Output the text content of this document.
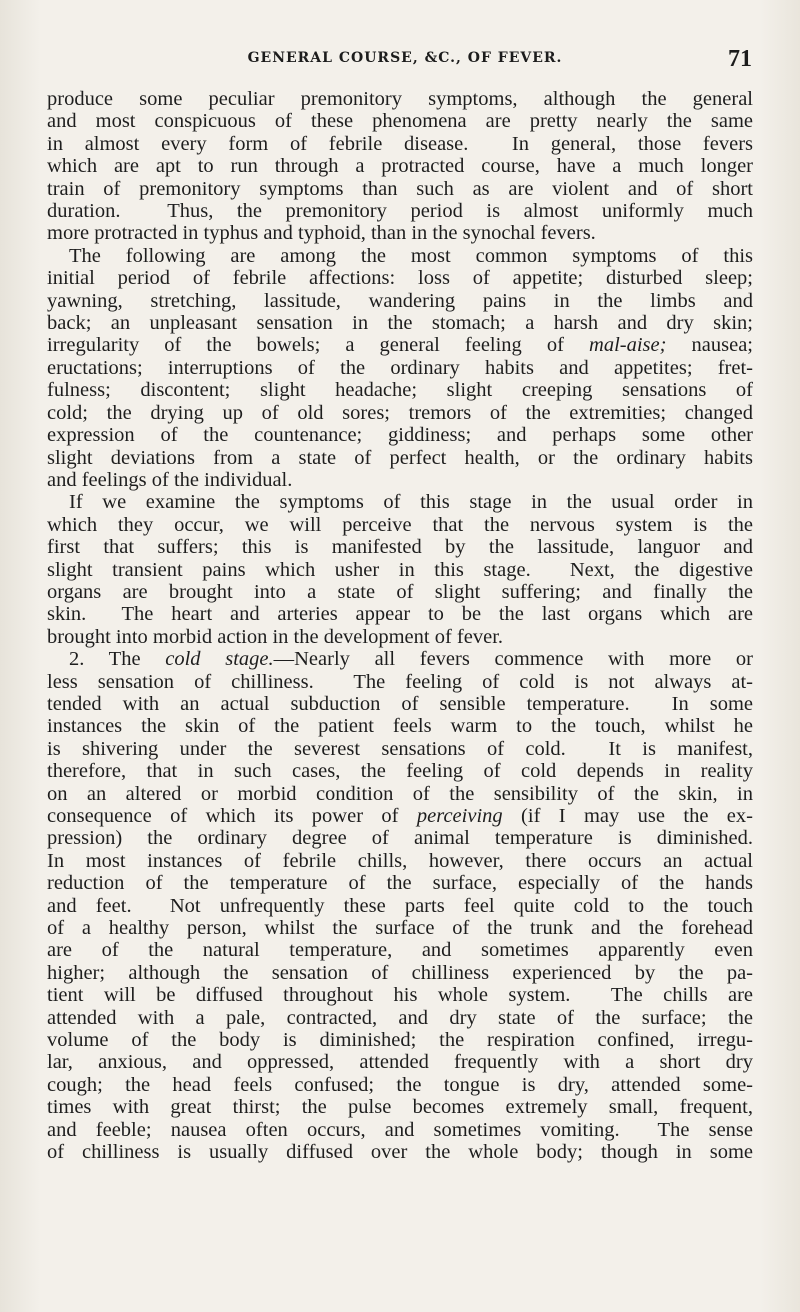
GENERAL COURSE, &C., OF FEVER.	71
produce some peculiar premonitory symptoms, although the general
and most conspicuous of these phenomena are pretty nearly the same
in almost every form of febrile disease.  In general, those fevers
which are apt to run through a protracted course, have a much longer
train of premonitory symptoms than such as are violent and of short
duration.  Thus, the premonitory period is almost uniformly much
more protracted in typhus and typhoid, than in the synochal fevers.
The following are among the most common symptoms of this
initial period of febrile affections: loss of appetite; disturbed sleep;
yawning, stretching, lassitude, wandering pains in the limbs and
back; an unpleasant sensation in the stomach; a harsh and dry skin;
irregularity of the bowels; a general feeling of mal-aise; nausea;
eructations; interruptions of the ordinary habits and appetites; fret-
fulness; discontent; slight headache; slight creeping sensations of
cold; the drying up of old sores; tremors of the extremities; changed
expression of the countenance; giddiness; and perhaps some other
slight deviations from a state of perfect health, or the ordinary habits
and feelings of the individual.
If we examine the symptoms of this stage in the usual order in
which they occur, we will perceive that the nervous system is the
first that suffers; this is manifested by the lassitude, languor and
slight transient pains which usher in this stage.  Next, the digestive
organs are brought into a state of slight suffering; and finally the
skin.  The heart and arteries appear to be the last organs which are
brought into morbid action in the development of fever.
2. The cold stage.—Nearly all fevers commence with more or
less sensation of chilliness.  The feeling of cold is not always at-
tended with an actual subduction of sensible temperature.  In some
instances the skin of the patient feels warm to the touch, whilst he
is shivering under the severest sensations of cold.  It is manifest,
therefore, that in such cases, the feeling of cold depends in reality
on an altered or morbid condition of the sensibility of the skin, in
consequence of which its power of perceiving (if I may use the ex-
pression) the ordinary degree of animal temperature is diminished.
In most instances of febrile chills, however, there occurs an actual
reduction of the temperature of the surface, especially of the hands
and feet.  Not unfrequently these parts feel quite cold to the touch
of a healthy person, whilst the surface of the trunk and the forehead
are of the natural temperature, and sometimes apparently even
higher; although the sensation of chilliness experienced by the pa-
tient will be diffused throughout his whole system.  The chills are
attended with a pale, contracted, and dry state of the surface; the
volume of the body is diminished; the respiration confined, irregu-
lar, anxious, and oppressed, attended frequently with a short dry
cough; the head feels confused; the tongue is dry, attended some-
times with great thirst; the pulse becomes extremely small, frequent,
and feeble; nausea often occurs, and sometimes vomiting.  The sense
of chilliness is usually diffused over the whole body; though in some
